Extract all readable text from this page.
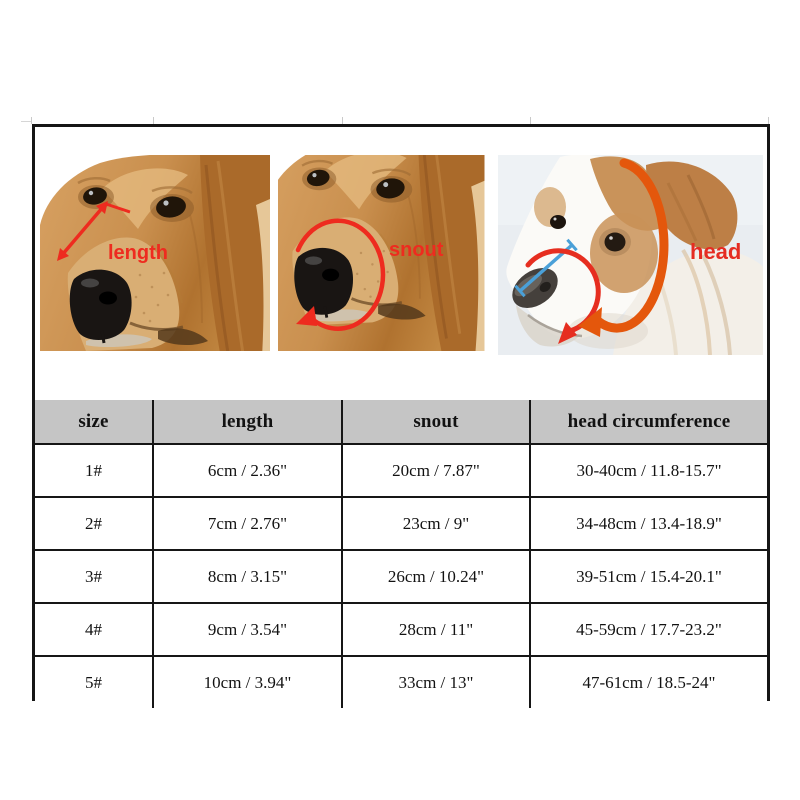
length	snout	head
size	length	snout	head circumference
1#	6cm / 2.36"	20cm / 7.87"	30-40cm / 11.8-15.7"
2#	7cm / 2.76"	23cm / 9"	34-48cm / 13.4-18.9"
3#	8cm / 3.15"	26cm / 10.24"	39-51cm / 15.4-20.1"
4#	9cm / 3.54"	28cm / 11"	45-59cm / 17.7-23.2"
5#	10cm / 3.94"	33cm / 13"	47-61cm / 18.5-24"
